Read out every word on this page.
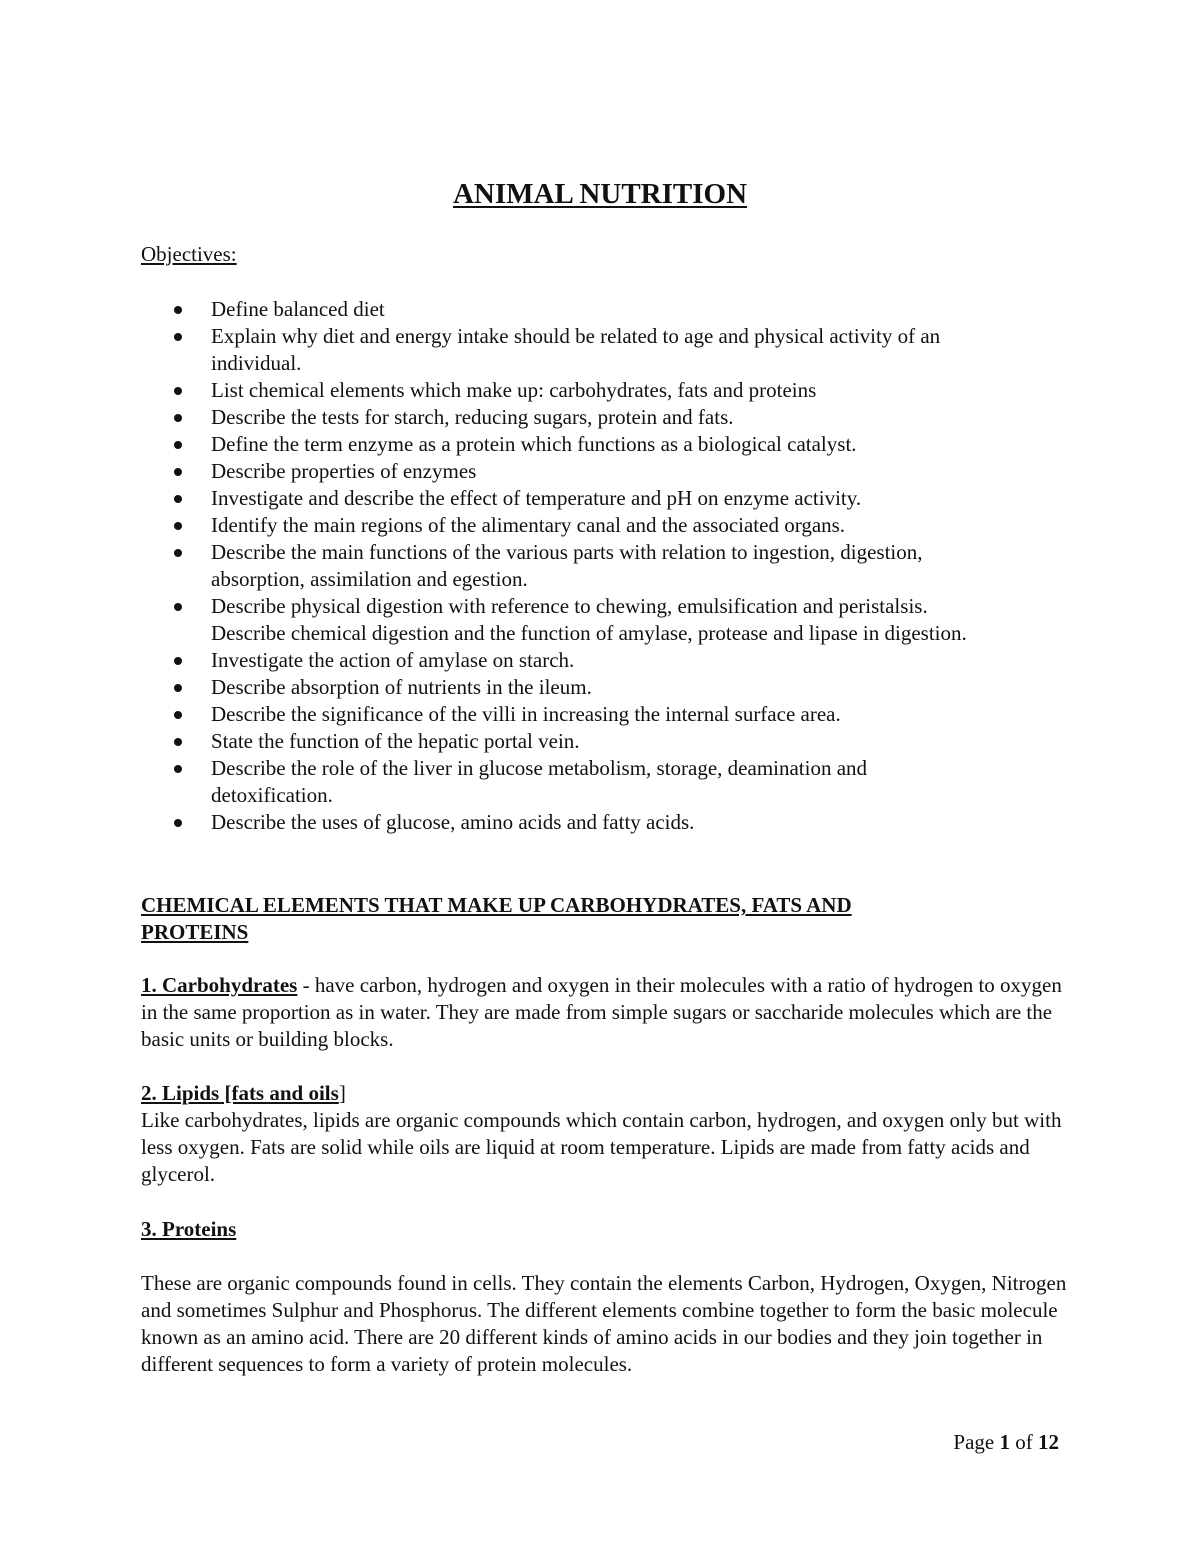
ANIMAL NUTRITION

Objectives:

Define balanced diet
Explain why diet and energy intake should be related to age and physical activity of an
individual.
List chemical elements which make up: carbohydrates, fats and proteins
Describe the tests for starch, reducing sugars, protein and fats.
Define the term enzyme as a protein which functions as a biological catalyst.
Describe properties of enzymes
Investigate and describe the effect of temperature and pH on enzyme activity.
Identify the main regions of the alimentary canal and the associated organs.
Describe the main functions of the various parts with relation to ingestion, digestion,
absorption, assimilation and egestion.
Describe physical digestion with reference to chewing, emulsification and peristalsis.
Describe chemical digestion and the function of amylase, protease and lipase in digestion.
Investigate the action of amylase on starch.
Describe absorption of nutrients in the ileum.
Describe the significance of the villi in increasing the internal surface area.
State the function of the hepatic portal vein.
Describe the role of the liver in glucose metabolism, storage, deamination and
detoxification.
Describe the uses of glucose, amino acids and fatty acids.
CHEMICAL ELEMENTS THAT MAKE UP CARBOHYDRATES, FATS AND
PROTEINS

1. Carbohydrates - have carbon, hydrogen and oxygen in their molecules with a ratio of hydrogen to oxygen in the same proportion as in water. They are made from simple sugars or saccharide molecules which are the basic units or building blocks.

2. Lipids [fats and oils]
Like carbohydrates, lipids are organic compounds which contain carbon, hydrogen, and oxygen only but with less oxygen. Fats are solid while oils are liquid at room temperature. Lipids are made from fatty acids and glycerol.

3. Proteins

These are organic compounds found in cells. They contain the elements Carbon, Hydrogen, Oxygen, Nitrogen and sometimes Sulphur and Phosphorus. The different elements combine together to form the basic molecule known as an amino acid. There are 20 different kinds of amino acids in our bodies and they join together in different sequences to form a variety of protein molecules.

Page 1 of 12
